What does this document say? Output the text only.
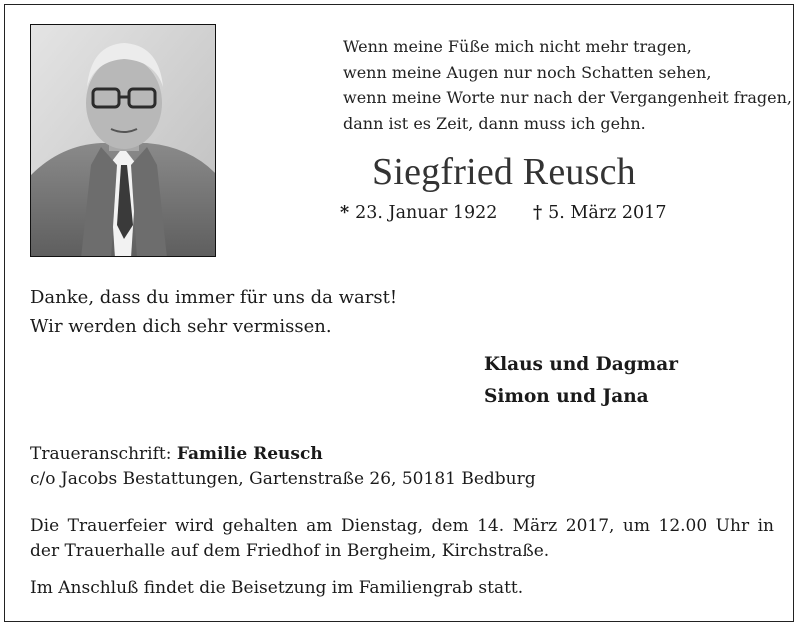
Wenn meine Füße mich nicht mehr tragen,
wenn meine Augen nur noch Schatten sehen,
wenn meine Worte nur nach der Vergangenheit fragen,
dann ist es Zeit, dann muss ich gehn.
Siegfried Reusch
* 23. Januar 1922 † 5. März 2017
Danke, dass du immer für uns da warst!
Wir werden dich sehr vermissen.
Klaus und Dagmar
Simon und Jana
Traueranschrift: Familie Reusch
c/o Jacobs Bestattungen, Gartenstraße 26, 50181 Bedburg
Die Trauerfeier wird gehalten am Dienstag, dem 14. März 2017, um 12.00 Uhr in
der Trauerhalle auf dem Friedhof in Bergheim, Kirchstraße.
Im Anschluß findet die Beisetzung im Familiengrab statt.
